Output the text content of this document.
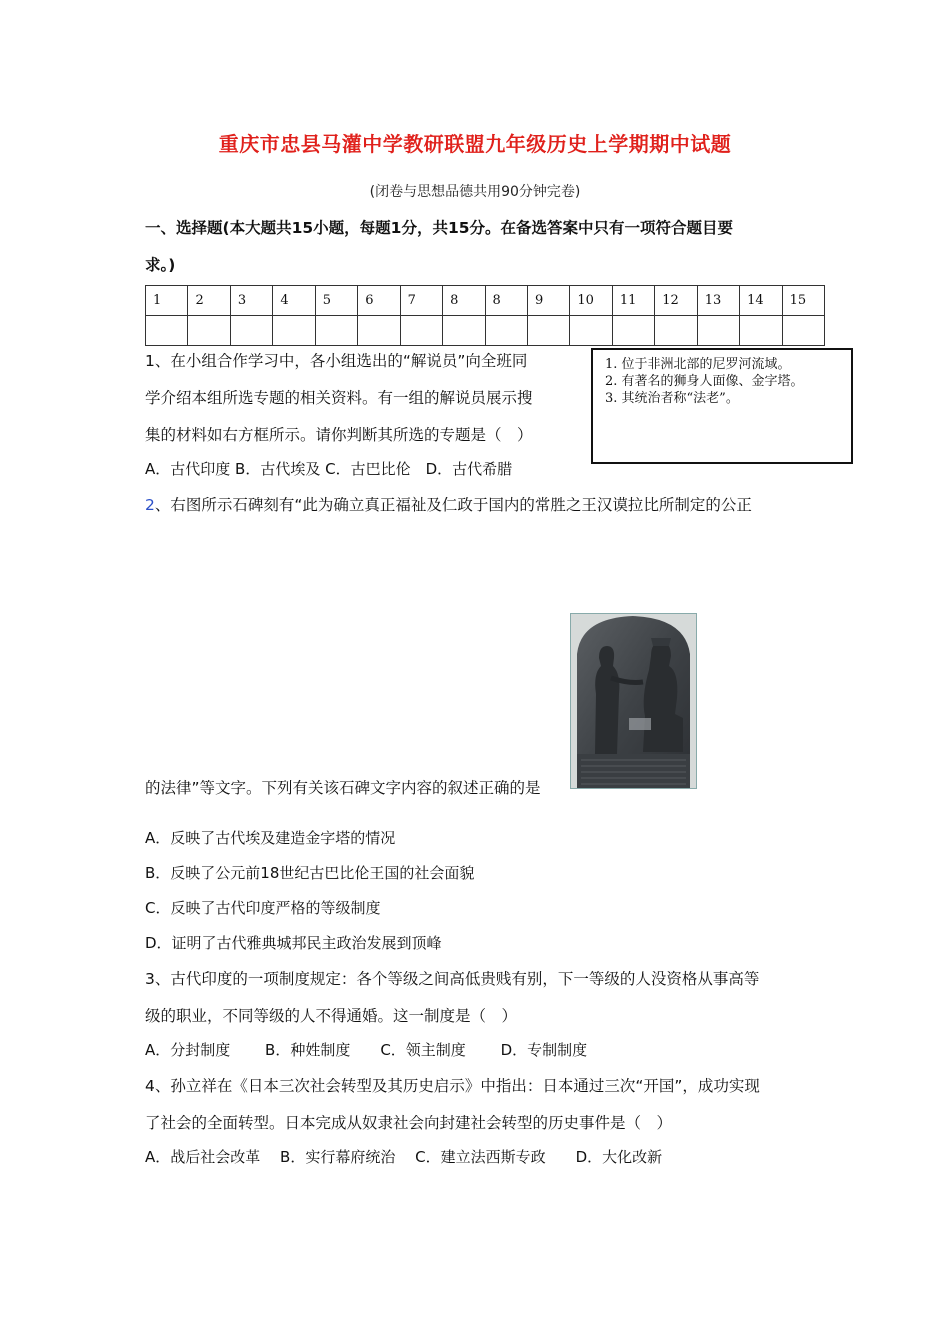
重庆市忠县马灌中学教研联盟九年级历史上学期期中试题
(闭卷与思想品德共用90分钟完卷)
一、选择题(本大题共15小题，每题1分，共15分。在备选答案中只有一项符合题目要
求。)
1	2	3	4	5	6	7	8	8	9	10	11	12	13	14	15

1、在小组合作学习中，各小组选出的“解说员”向全班同
学介绍本组所选专题的相关资料。有一组的解说员展示搜
集的材料如右方框所示。请你判断其所选的专题是（　）
A．古代印度 B．古代埃及 C．古巴比伦　D．古代希腊
1. 位于非洲北部的尼罗河流域。
2. 有著名的狮身人面像、金字塔。
3. 其统治者称“法老”。
2、右图所示石碑刻有“此为确立真正福祉及仁政于国内的常胜之王汉谟拉比所制定的公正
的法律”等文字。下列有关该石碑文字内容的叙述正确的是
A．反映了古代埃及建造金字塔的情况
B．反映了公元前18世纪古巴比伦王国的社会面貌
C．反映了古代印度严格的等级制度
D．证明了古代雅典城邦民主政治发展到顶峰
3、古代印度的一项制度规定：各个等级之间高低贵贱有别，下一等级的人没资格从事高等
级的职业，不同等级的人不得通婚。这一制度是（　）
A．分封制度　　 B．种姓制度　　C．领主制度　　 D．专制制度
4、孙立祥在《日本三次社会转型及其历史启示》中指出：日本通过三次“开国”，成功实现
了社会的全面转型。日本完成从奴隶社会向封建社会转型的历史事件是（　）
A．战后社会改革　 B．实行幕府统治　 C．建立法西斯专政　　D．大化改新
